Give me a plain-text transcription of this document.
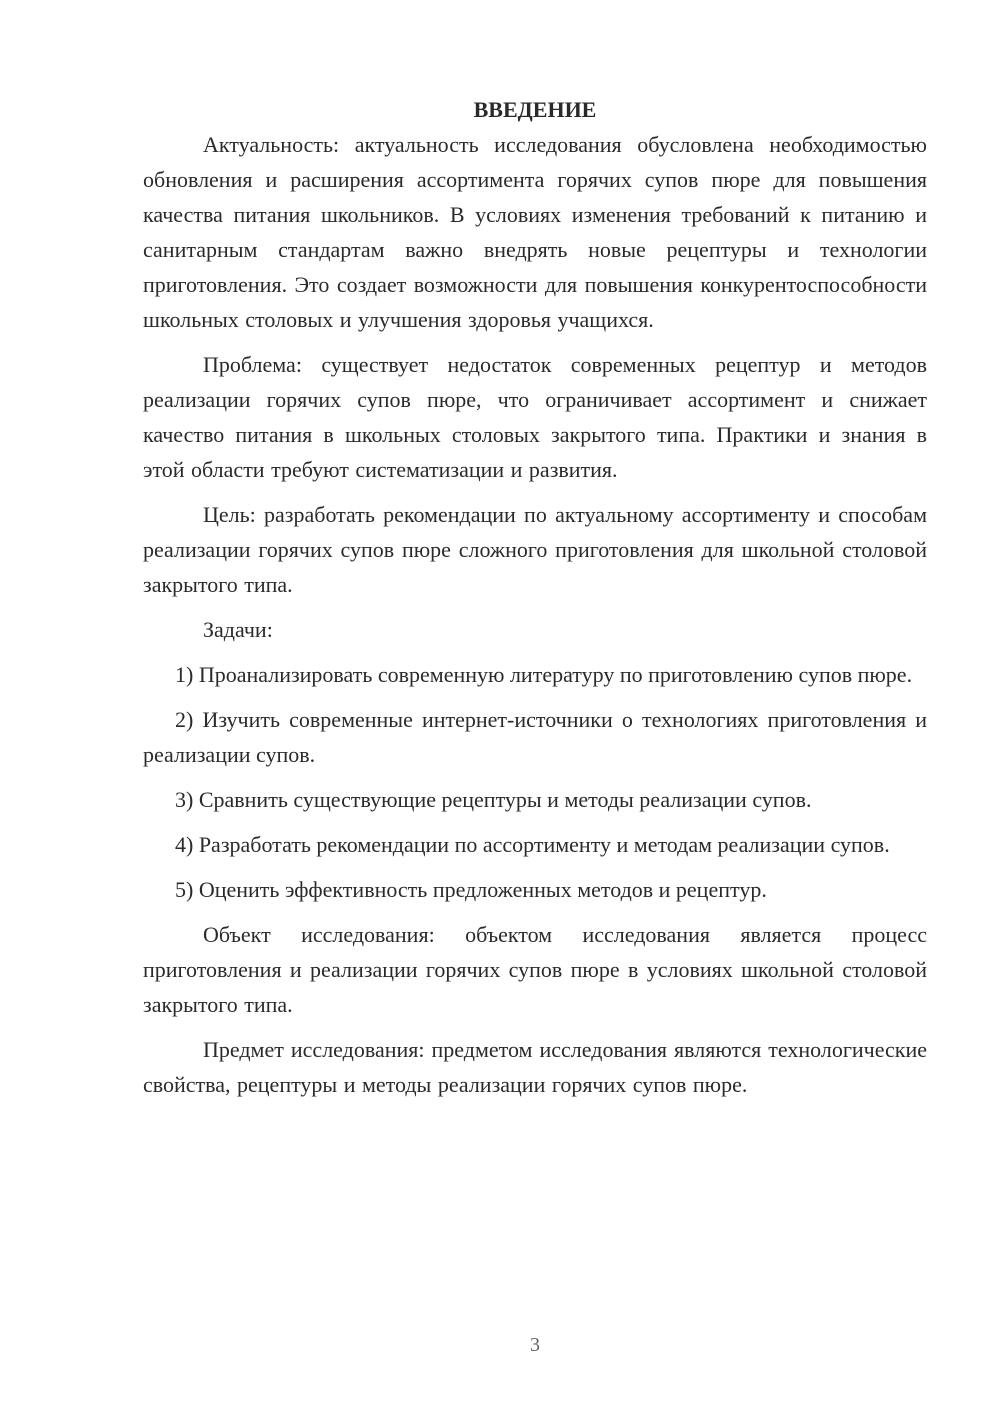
ВВЕДЕНИЕ

Актуальность: актуальность исследования обусловлена необходимостью обновления и расширения ассортимента горячих супов пюре для повышения качества питания школьников. В условиях изменения требований к питанию и санитарным стандартам важно внедрять новые рецептуры и технологии приготовления. Это создает возможности для повышения конкурентоспособности школьных столовых и улучшения здоровья учащихся.

Проблема: существует недостаток современных рецептур и методов реализации горячих супов пюре, что ограничивает ассортимент и снижает качество питания в школьных столовых закрытого типа. Практики и знания в этой области требуют систематизации и развития.

Цель: разработать рекомендации по актуальному ассортименту и способам реализации горячих супов пюре сложного приготовления для школьной столовой закрытого типа.

Задачи:

1) Проанализировать современную литературу по приготовлению супов пюре.

2) Изучить современные интернет-источники о технологиях приготовления и реализации супов.

3) Сравнить существующие рецептуры и методы реализации супов.

4) Разработать рекомендации по ассортименту и методам реализации супов.

5) Оценить эффективность предложенных методов и рецептур.

Объект исследования: объектом исследования является процесс приготовления и реализации горячих супов пюре в условиях школьной столовой закрытого типа.

Предмет исследования: предметом исследования являются технологические свойства, рецептуры и методы реализации горячих супов пюре.

3
